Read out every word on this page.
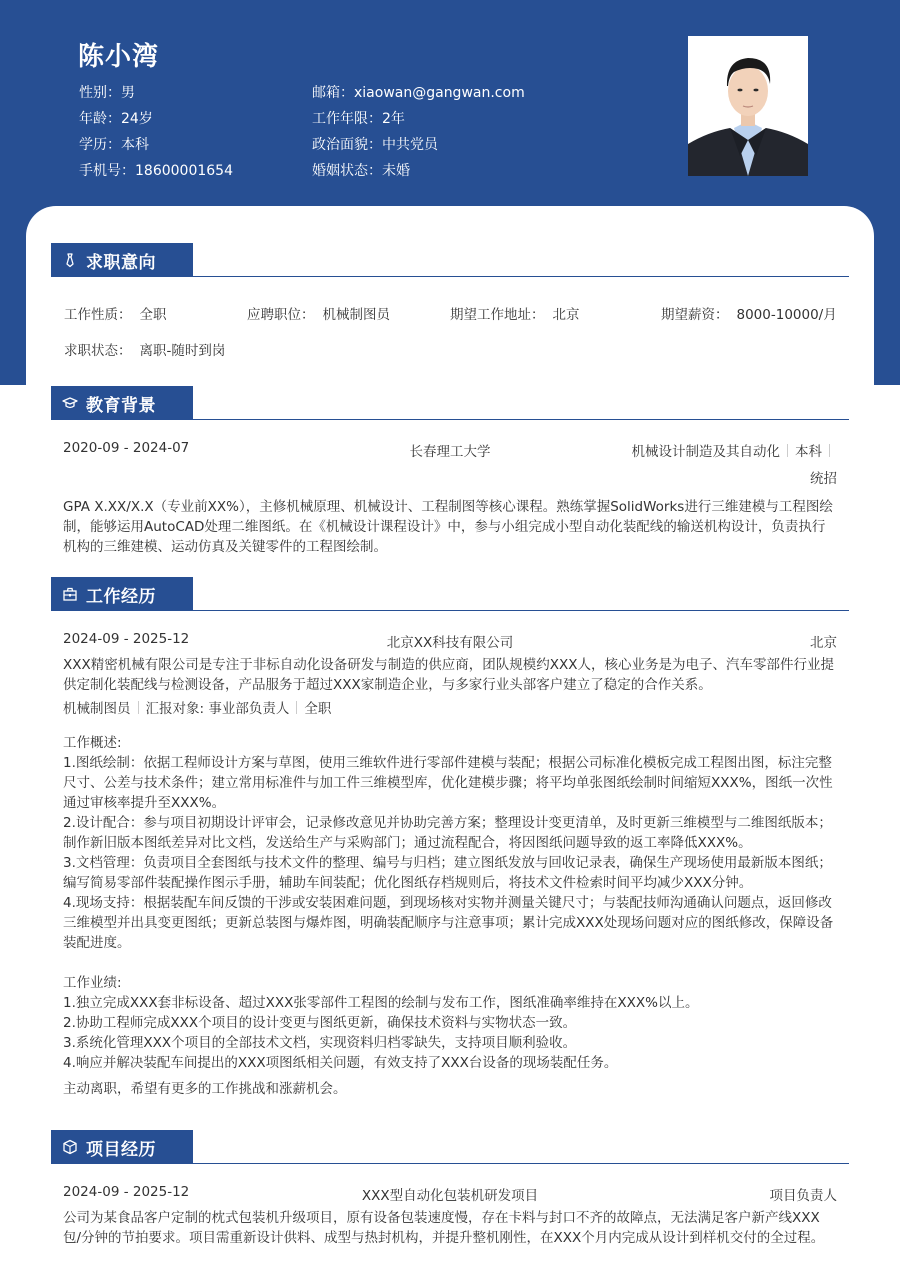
陈小湾
性别：男
年龄：24岁
学历：本科
手机号：18600001654
邮箱：xiaowan@gangwan.com
工作年限：2年
政治面貌：中共党员
婚姻状态：未婚
求职意向
工作性质： 全职	应聘职位： 机械制图员	期望工作地址： 北京	期望薪资： 8000-10000/月
求职状态： 离职-随时到岗
教育背景
2020-09 - 2024-07	长春理工大学	机械设计制造及其自动化 本科
统招
GPA X.XX/X.X（专业前XX%），主修机械原理、机械设计、工程制图等核心课程。熟练掌握SolidWorks进行三维建模与工程图绘制，能够运用AutoCAD处理二维图纸。在《机械设计课程设计》中，参与小组完成小型自动化装配线的输送机构设计，负责执行机构的三维建模、运动仿真及关键零件的工程图绘制。
工作经历
2024-09 - 2025-12	北京XX科技有限公司	北京
XXX精密机械有限公司是专注于非标自动化设备研发与制造的供应商，团队规模约XXX人，核心业务是为电子、汽车零部件行业提供定制化装配线与检测设备，产品服务于超过XXX家制造企业，与多家行业头部客户建立了稳定的合作关系。
机械制图员 汇报对象: 事业部负责人 全职
工作概述:
1.图纸绘制：依据工程师设计方案与草图，使用三维软件进行零部件建模与装配；根据公司标准化模板完成工程图出图，标注完整尺寸、公差与技术条件；建立常用标准件与加工件三维模型库，优化建模步骤；将平均单张图纸绘制时间缩短XXX%，图纸一次性通过审核率提升至XXX%。
2.设计配合：参与项目初期设计评审会，记录修改意见并协助完善方案；整理设计变更清单，及时更新三维模型与二维图纸版本；制作新旧版本图纸差异对比文档，发送给生产与采购部门；通过流程配合，将因图纸问题导致的返工率降低XXX%。
3.文档管理：负责项目全套图纸与技术文件的整理、编号与归档；建立图纸发放与回收记录表，确保生产现场使用最新版本图纸；编写简易零部件装配操作图示手册，辅助车间装配；优化图纸存档规则后，将技术文件检索时间平均减少XXX分钟。
4.现场支持：根据装配车间反馈的干涉或安装困难问题，到现场核对实物并测量关键尺寸；与装配技师沟通确认问题点，返回修改三维模型并出具变更图纸；更新总装图与爆炸图，明确装配顺序与注意事项；累计完成XXX处现场问题对应的图纸修改，保障设备装配进度。
工作业绩:
1.独立完成XXX套非标设备、超过XXX张零部件工程图的绘制与发布工作，图纸准确率维持在XXX%以上。
2.协助工程师完成XXX个项目的设计变更与图纸更新，确保技术资料与实物状态一致。
3.系统化管理XXX个项目的全部技术文档，实现资料归档零缺失，支持项目顺利验收。
4.响应并解决装配车间提出的XXX项图纸相关问题，有效支持了XXX台设备的现场装配任务。
主动离职，希望有更多的工作挑战和涨薪机会。
项目经历
2024-09 - 2025-12	XXX型自动化包装机研发项目	项目负责人
公司为某食品客户定制的枕式包装机升级项目，原有设备包装速度慢，存在卡料与封口不齐的故障点，无法满足客户新产线XXX包/分钟的节拍要求。项目需重新设计供料、成型与热封机构，并提升整机刚性，在XXX个月内完成从设计到样机交付的全过程。
